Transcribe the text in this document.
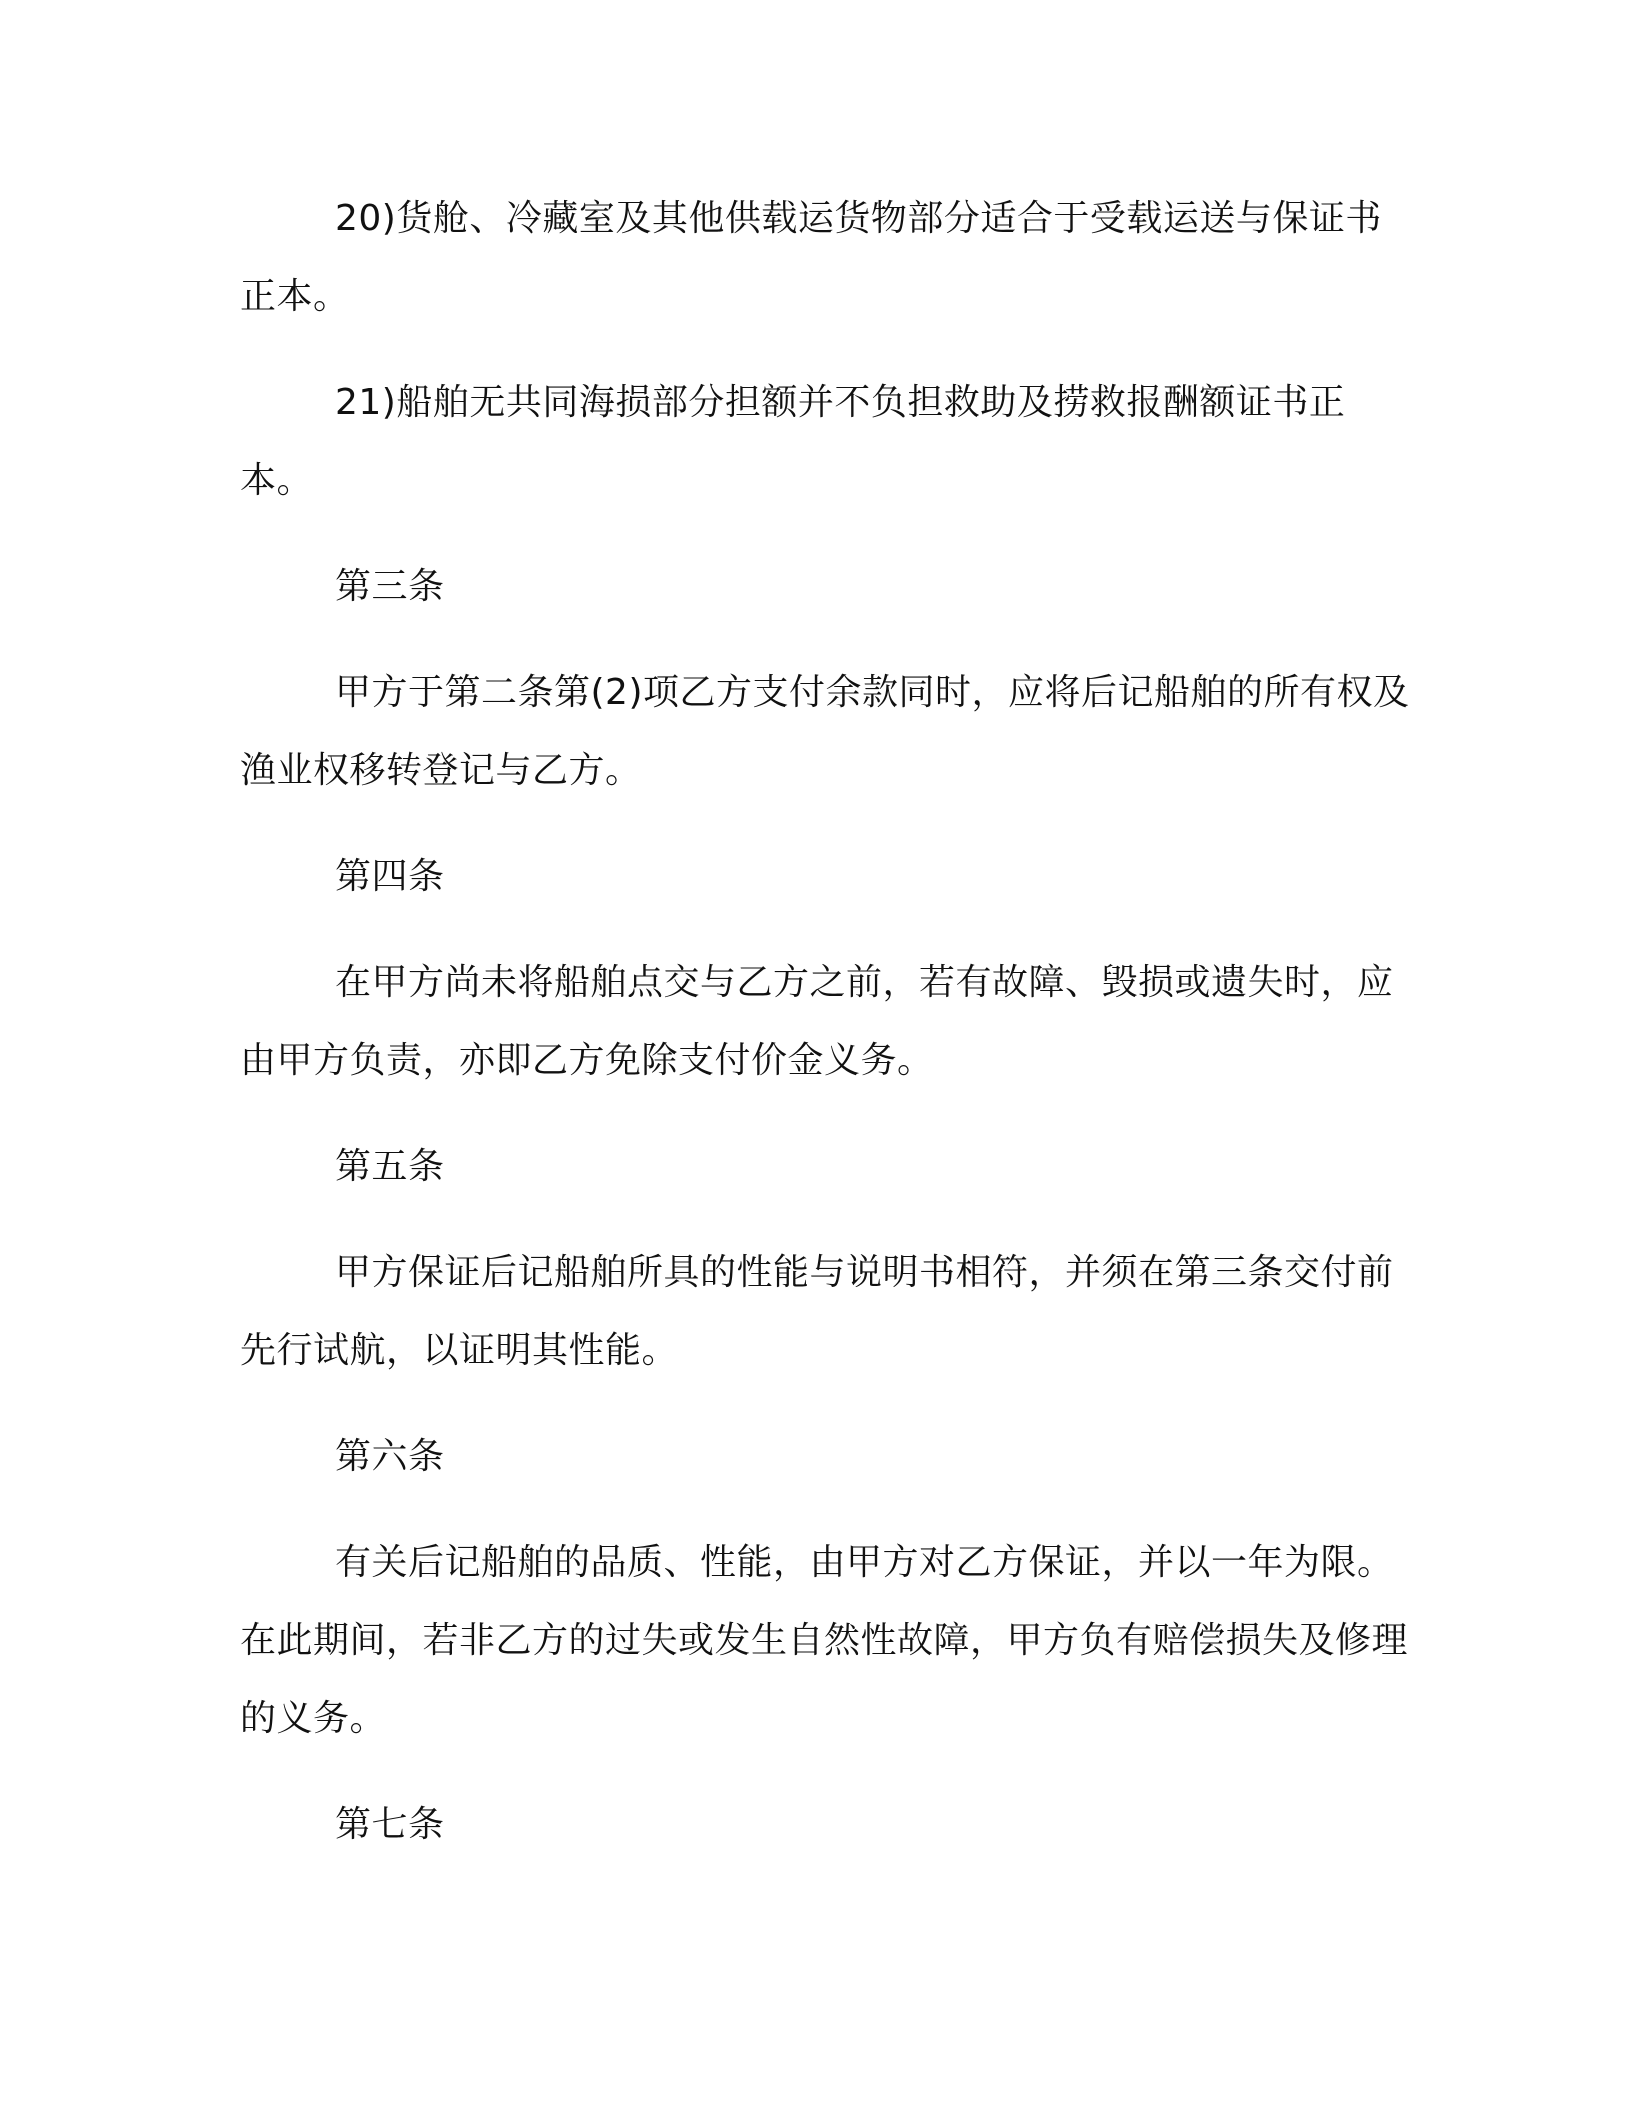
20)货舱、冷藏室及其他供载运货物部分适合于受载运送与保证书正本。

21)船舶无共同海损部分担额并不负担救助及捞救报酬额证书正本。

第三条

甲方于第二条第(2)项乙方支付余款同时，应将后记船舶的所有权及渔业权移转登记与乙方。

第四条

在甲方尚未将船舶点交与乙方之前，若有故障、毁损或遗失时，应由甲方负责，亦即乙方免除支付价金义务。

第五条

甲方保证后记船舶所具的性能与说明书相符，并须在第三条交付前先行试航，以证明其性能。

第六条

有关后记船舶的品质、性能，由甲方对乙方保证，并以一年为限。在此期间，若非乙方的过失或发生自然性故障，甲方负有赔偿损失及修理的义务。

第七条
